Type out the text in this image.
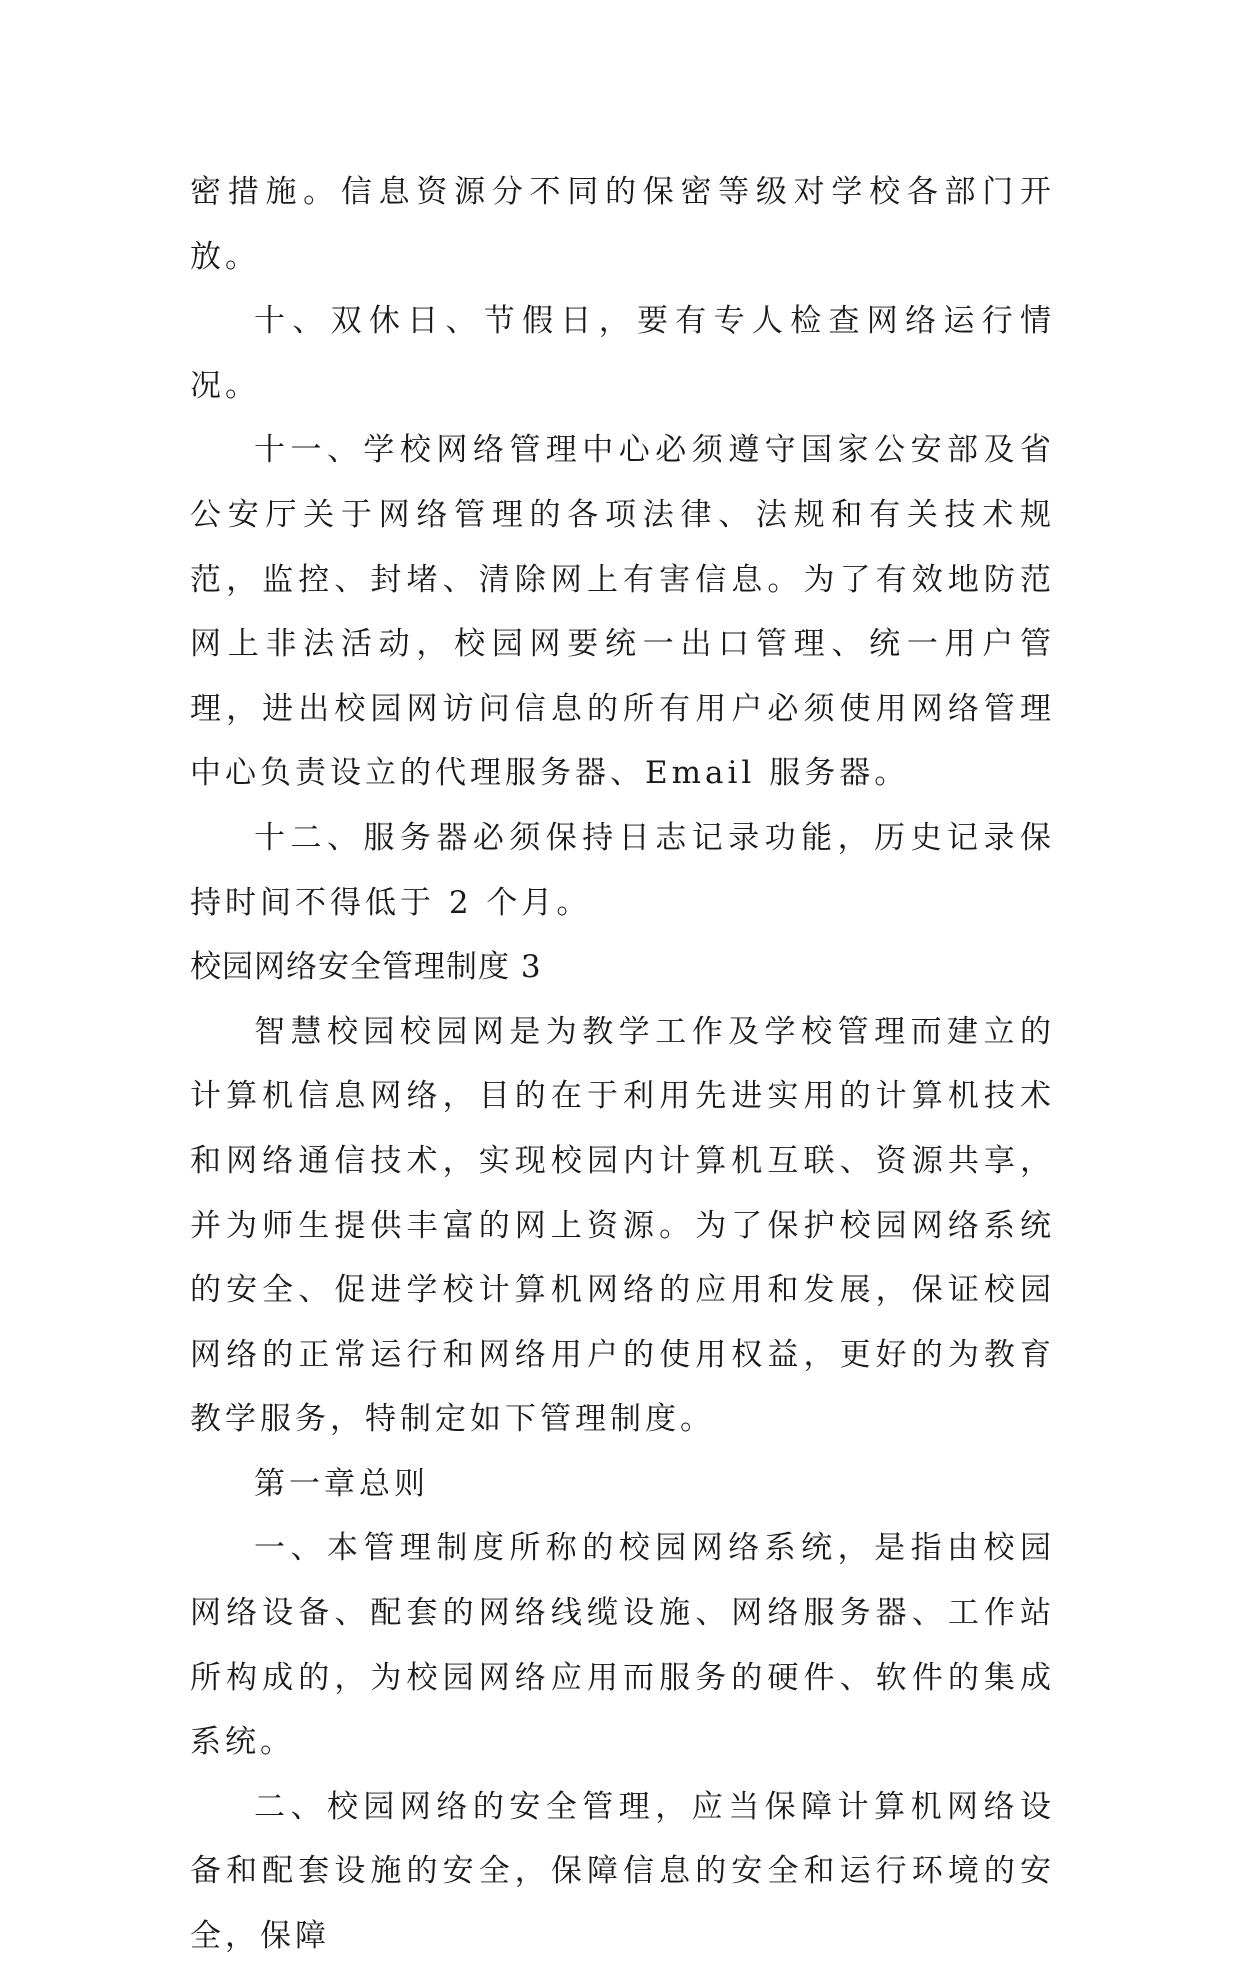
密措施。信息资源分不同的保密等级对学校各部门开放。

十、双休日、节假日，要有专人检查网络运行情况。

十一、学校网络管理中心必须遵守国家公安部及省公安厅关于网络管理的各项法律、法规和有关技术规范，监控、封堵、清除网上有害信息。为了有效地防范网上非法活动，校园网要统一出口管理、统一用户管理，进出校园网访问信息的所有用户必须使用网络管理中心负责设立的代理服务器、Email 服务器。

十二、服务器必须保持日志记录功能，历史记录保持时间不得低于 2 个月。

校园网络安全管理制度 3

智慧校园校园网是为教学工作及学校管理而建立的计算机信息网络，目的在于利用先进实用的计算机技术和网络通信技术，实现校园内计算机互联、资源共享，并为师生提供丰富的网上资源。为了保护校园网络系统的安全、促进学校计算机网络的应用和发展，保证校园网络的正常运行和网络用户的使用权益，更好的为教育教学服务，特制定如下管理制度。

第一章总则

一、本管理制度所称的校园网络系统，是指由校园网络设备、配套的网络线缆设施、网络服务器、工作站所构成的，为校园网络应用而服务的硬件、软件的集成系统。

二、校园网络的安全管理，应当保障计算机网络设备和配套设施的安全，保障信息的安全和运行环境的安全，保障
